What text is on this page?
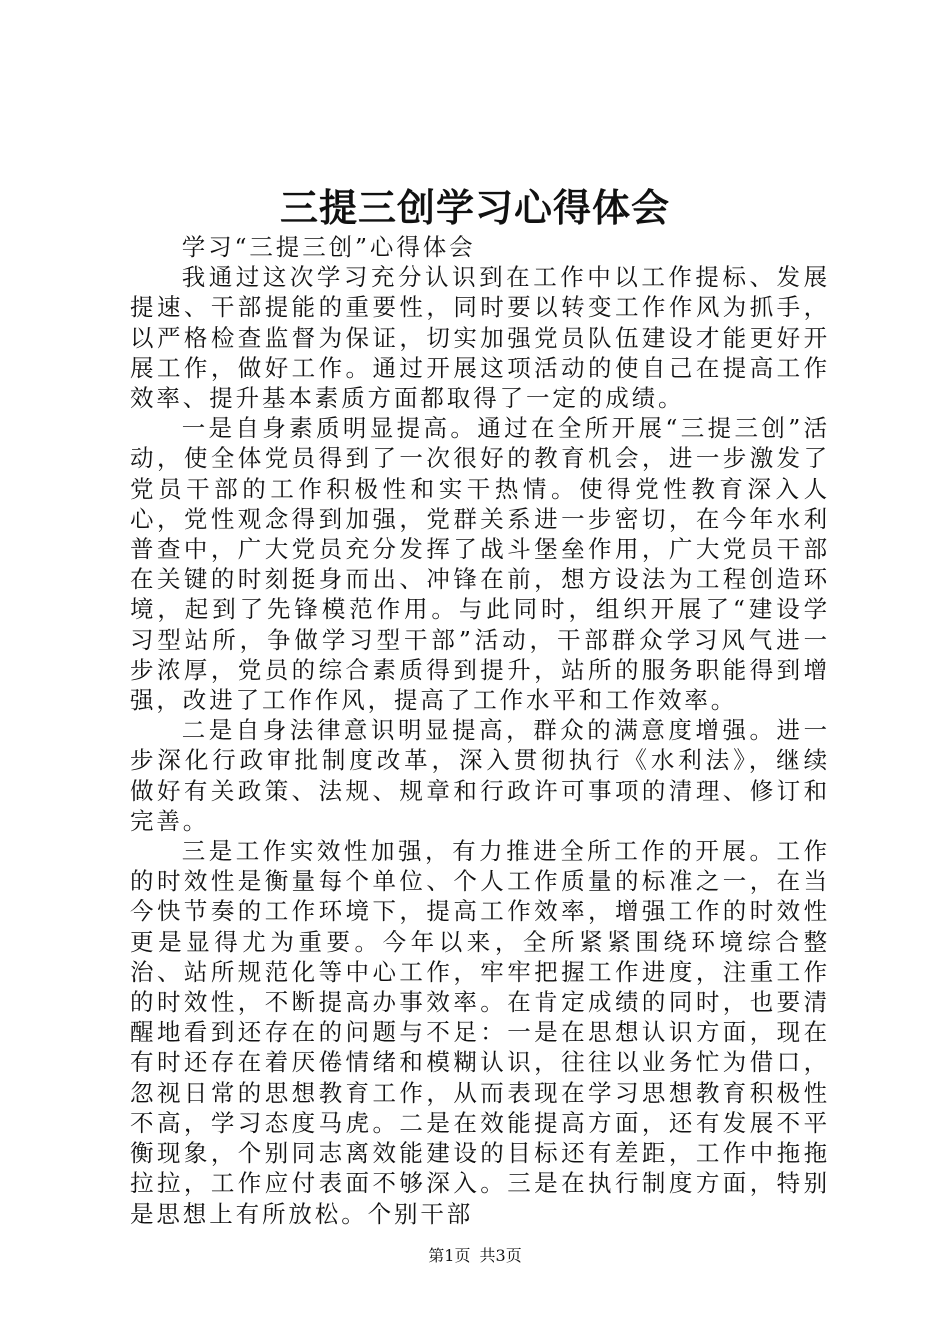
三提三创学习心得体会

学习“三提三创”心得体会

我通过这次学习充分认识到在工作中以工作提标、发展提速、干部提能的重要性，同时要以转变工作作风为抓手，以严格检查监督为保证，切实加强党员队伍建设才能更好开展工作，做好工作。通过开展这项活动的使自己在提高工作效率、提升基本素质方面都取得了一定的成绩。

一是自身素质明显提高。通过在全所开展“三提三创”活动，使全体党员得到了一次很好的教育机会，进一步激发了党员干部的工作积极性和实干热情。使得党性教育深入人心，党性观念得到加强，党群关系进一步密切，在今年水利普查中，广大党员充分发挥了战斗堡垒作用，广大党员干部在关键的时刻挺身而出、冲锋在前，想方设法为工程创造环境，起到了先锋模范作用。与此同时，组织开展了“建设学习型站所，争做学习型干部”活动，干部群众学习风气进一步浓厚，党员的综合素质得到提升，站所的服务职能得到增强，改进了工作作风，提高了工作水平和工作效率。

二是自身法律意识明显提高，群众的满意度增强。进一步深化行政审批制度改革，深入贯彻执行《水利法》，继续做好有关政策、法规、规章和行政许可事项的清理、修订和完善。

三是工作实效性加强，有力推进全所工作的开展。工作的时效性是衡量每个单位、个人工作质量的标准之一，在当今快节奏的工作环境下，提高工作效率，增强工作的时效性更是显得尤为重要。今年以来，全所紧紧围绕环境综合整治、站所规范化等中心工作，牢牢把握工作进度，注重工作的时效性，不断提高办事效率。在肯定成绩的同时，也要清醒地看到还存在的问题与不足：一是在思想认识方面，现在有时还存在着厌倦情绪和模糊认识，往往以业务忙为借口，忽视日常的思想教育工作，从而表现在学习思想教育积极性不高，学习态度马虎。二是在效能提高方面，还有发展不平衡现象，个别同志离效能建设的目标还有差距，工作中拖拖拉拉，工作应付表面不够深入。三是在执行制度方面，特别是思想上有所放松。个别干部

第1页 共3页
